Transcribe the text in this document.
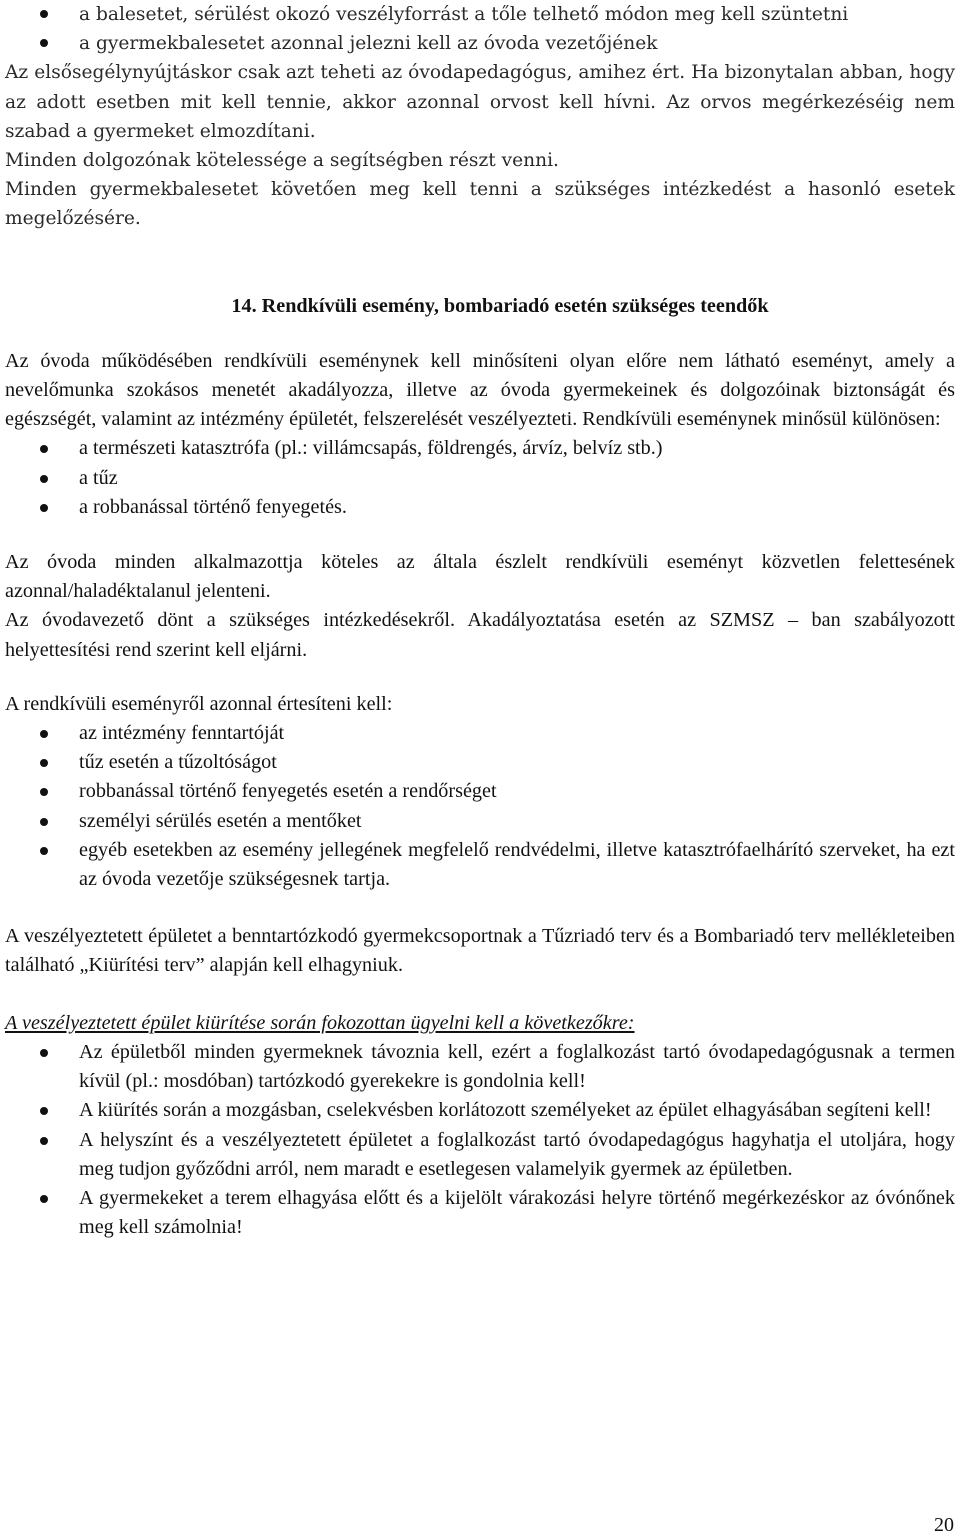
a balesetet, sérülést okozó veszélyforrást a tőle telhető módon meg kell szüntetni
a gyermekbalesetet azonnal jelezni kell az óvoda vezetőjének

Az elsősegélynyújtáskor csak azt teheti az óvodapedagógus, amihez ért. Ha bizonytalan abban, hogy az adott esetben mit kell tennie, akkor azonnal orvost kell hívni. Az orvos megérkezéséig nem szabad a gyermeket elmozdítani.

Minden dolgozónak kötelessége a segítségben részt venni.

Minden gyermekbalesetet követően meg kell tenni a szükséges intézkedést a hasonló esetek megelőzésére.

14. Rendkívüli esemény, bombariadó esetén szükséges teendők

Az óvoda működésében rendkívüli eseménynek kell minősíteni olyan előre nem látható eseményt, amely a nevelőmunka szokásos menetét akadályozza, illetve az óvoda gyermekeinek és dolgozóinak biztonságát és egészségét, valamint az intézmény épületét, felszerelését veszélyezteti. Rendkívüli eseménynek minősül különösen:

a természeti katasztrófa (pl.: villámcsapás, földrengés, árvíz, belvíz stb.)
a tűz
a robbanással történő fenyegetés.

Az óvoda minden alkalmazottja köteles az általa észlelt rendkívüli eseményt közvetlen felettesének azonnal/haladéktalanul jelenteni.

Az óvodavezető dönt a szükséges intézkedésekről. Akadályoztatása esetén az SZMSZ – ban szabályozott helyettesítési rend szerint kell eljárni.

A rendkívüli eseményről azonnal értesíteni kell:

az intézmény fenntartóját
tűz esetén a tűzoltóságot
robbanással történő fenyegetés esetén a rendőrséget
személyi sérülés esetén a mentőket
egyéb esetekben az esemény jellegének megfelelő rendvédelmi, illetve katasztrófaelhárító szerveket, ha ezt az óvoda vezetője szükségesnek tartja.

A veszélyeztetett épületet a benntartózkodó gyermekcsoportnak a Tűzriadó terv és a Bombariadó terv mellékleteiben található „Kiürítési terv” alapján kell elhagyniuk.

A veszélyeztetett épület kiürítése során fokozottan ügyelni kell a következőkre:

Az épületből minden gyermeknek távoznia kell, ezért a foglalkozást tartó óvodapedagógusnak a termen kívül (pl.: mosdóban) tartózkodó gyerekekre is gondolnia kell!
A kiürítés során a mozgásban, cselekvésben korlátozott személyeket az épület elhagyásában segíteni kell!
A helyszínt és a veszélyeztetett épületet a foglalkozást tartó óvodapedagógus hagyhatja el utoljára, hogy meg tudjon győződni arról, nem maradt e esetlegesen valamelyik gyermek az épületben.
A gyermekeket a terem elhagyása előtt és a kijelölt várakozási helyre történő megérkezéskor az óvónőnek meg kell számolnia!
20
